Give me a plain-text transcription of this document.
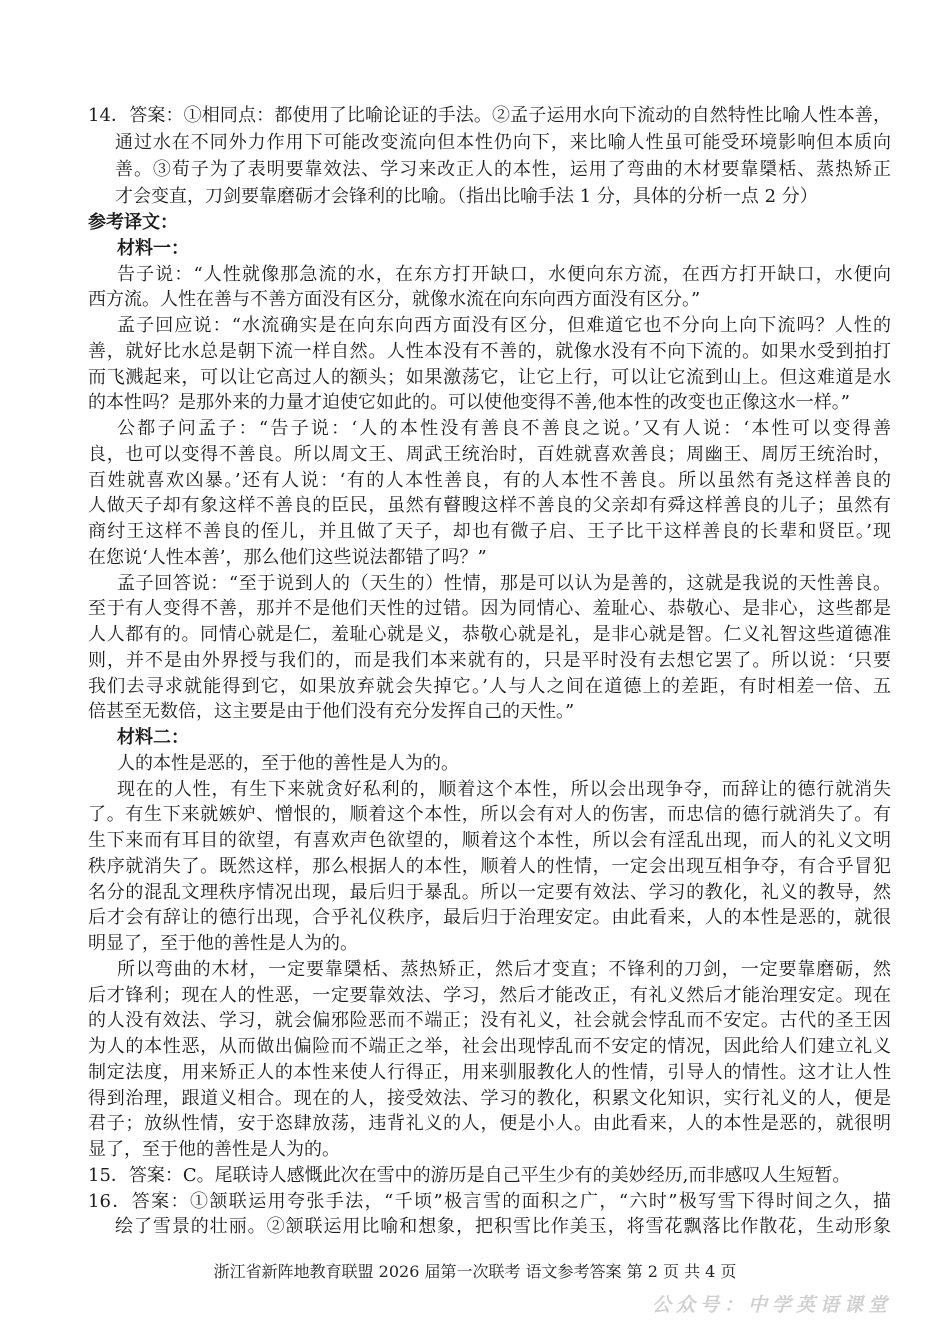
14．答案：①相同点：都使用了比喻论证的手法。②孟子运用水向下流动的自然特性比喻人性本善，
通过水在不同外力作用下可能改变流向但本性仍向下，来比喻人性虽可能受环境影响但本质向
善。③荀子为了表明要靠效法、学习来改正人的本性，运用了弯曲的木材要靠檃栝、蒸热矫正
才会变直，刀剑要靠磨砺才会锋利的比喻。（指出比喻手法 1 分，具体的分析一点 2 分）
参考译文：
材料一：
告子说：“人性就像那急流的水，在东方打开缺口，水便向东方流，在西方打开缺口，水便向
西方流。人性在善与不善方面没有区分，就像水流在向东向西方面没有区分。”
孟子回应说：“水流确实是在向东向西方面没有区分，但难道它也不分向上向下流吗？人性的
善，就好比水总是朝下流一样自然。人性本没有不善的，就像水没有不向下流的。如果水受到拍打
而飞溅起来，可以让它高过人的额头；如果激荡它，让它上行，可以让它流到山上。但这难道是水
的本性吗？是那外来的力量才迫使它如此的。可以使他变得不善,他本性的改变也正像这水一样。”
公都子问孟子：“告子说：‘人的本性没有善良不善良之说。’又有人说：‘本性可以变得善
良，也可以变得不善良。所以周文王、周武王统治时，百姓就喜欢善良；周幽王、周厉王统治时，
百姓就喜欢凶暴。’还有人说：‘有的人本性善良，有的人本性不善良。所以虽然有尧这样善良的
人做天子却有象这样不善良的臣民，虽然有瞽瞍这样不善良的父亲却有舜这样善良的儿子；虽然有
商纣王这样不善良的侄儿，并且做了天子，却也有微子启、王子比干这样善良的长辈和贤臣。’现
在您说‘人性本善’，那么他们这些说法都错了吗？”
孟子回答说：“至于说到人的（天生的）性情，那是可以认为是善的，这就是我说的天性善良。
至于有人变得不善，那并不是他们天性的过错。因为同情心、羞耻心、恭敬心、是非心，这些都是
人人都有的。同情心就是仁，羞耻心就是义，恭敬心就是礼，是非心就是智。仁义礼智这些道德准
则，并不是由外界授与我们的，而是我们本来就有的，只是平时没有去想它罢了。所以说：‘只要
我们去寻求就能得到它，如果放弃就会失掉它。’人与人之间在道德上的差距，有时相差一倍、五
倍甚至无数倍，这主要是由于他们没有充分发挥自己的天性。”
材料二：
人的本性是恶的，至于他的善性是人为的。
现在的人性，有生下来就贪好私利的，顺着这个本性，所以会出现争夺，而辞让的德行就消失
了。有生下来就嫉妒、憎恨的，顺着这个本性，所以会有对人的伤害，而忠信的德行就消失了。有
生下来而有耳目的欲望，有喜欢声色欲望的，顺着这个本性，所以会有淫乱出现，而人的礼义文明
秩序就消失了。既然这样，那么根据人的本性，顺着人的性情，一定会出现互相争夺，有合乎冒犯
名分的混乱文理秩序情况出现，最后归于暴乱。所以一定要有效法、学习的教化，礼义的教导，然
后才会有辞让的德行出现，合乎礼仪秩序，最后归于治理安定。由此看来，人的本性是恶的，就很
明显了，至于他的善性是人为的。
所以弯曲的木材，一定要靠檃栝、蒸热矫正，然后才变直；不锋利的刀剑，一定要靠磨砺，然
后才锋利；现在人的性恶，一定要靠效法、学习，然后才能改正，有礼义然后才能治理安定。现在
的人没有效法、学习，就会偏邪险恶而不端正；没有礼义，社会就会悖乱而不安定。古代的圣王因
为人的本性恶，从而做出偏险而不端正之举，社会出现悖乱而不安定的情况，因此给人们建立礼义
制定法度，用来矫正人的本性来使人行得正，用来驯服教化人的性情，引导人的情性。这才让人性
得到治理，跟道义相合。现在的人，接受效法、学习的教化，积累文化知识，实行礼义的人，便是
君子；放纵性情，安于恣肆放荡，违背礼义的人，便是小人。由此看来，人的本性是恶的，就很明
显了，至于他的善性是人为的。
15．答案：C。尾联诗人感慨此次在雪中的游历是自己平生少有的美妙经历,而非感叹人生短暂。
16．答案：①颔联运用夸张手法，“千顷”极言雪的面积之广，“六时”极写雪下得时间之久，描
绘了雪景的壮丽。②颔联运用比喻和想象，把积雪比作美玉，将雪花飘落比作散花，生动形象
浙江省新阵地教育联盟 2026 届第一次联考 语文参考答案 第 2 页 共 4 页
公众号：中学英语课堂
